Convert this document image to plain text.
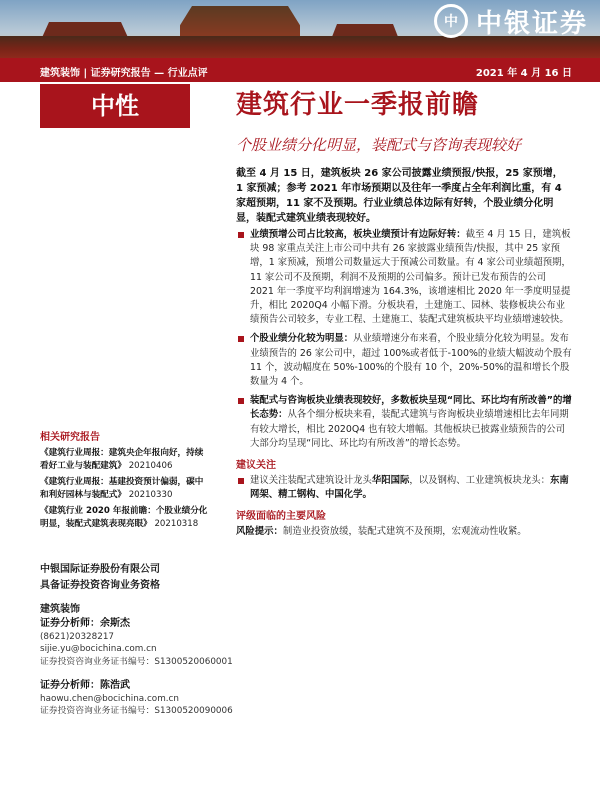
中 中银证券
建筑装饰 | 证券研究报告 — 行业点评	2021 年 4 月 16 日
中性	建筑行业一季报前瞻
个股业绩分化明显，装配式与咨询表现较好
截至 4 月 15 日，建筑板块 26 家公司披露业绩预报/快报，25 家预增，1 家预减；参考 2021 年市场预期以及往年一季度占全年利润比重，有 4 家超预期，11 家不及预期。行业业绩总体边际有好转，个股业绩分化明显，装配式建筑业绩表现较好。
业绩预增公司占比较高，板块业绩预计有边际好转：截至 4 月 15 日，建筑板块 98 家重点关注上市公司中共有 26 家披露业绩预告/快报，其中 25 家预增，1 家预减，预增公司数量远大于预减公司数量。有 4 家公司业绩超预期，11 家公司不及预期，利润不及预期的公司偏多。预计已发布预告的公司 2021 年一季度平均利润增速为 164.3%，该增速相比 2020 年一季度明显提升，相比 2020Q4 小幅下滑。分板块看，土建施工、园林、装修板块公布业绩预告公司较多，专业工程、土建施工、装配式建筑板块平均业绩增速较快。
个股业绩分化较为明显：从业绩增速分布来看，个股业绩分化较为明显。发布业绩预告的 26 家公司中，超过 100%或者低于-100%的业绩大幅波动个股有 11 个，波动幅度在 50%-100%的个股有 10 个，20%-50%的温和增长个股数量为 4 个。
装配式与咨询板块业绩表现较好，多数板块呈现“同比、环比均有所改善”的增长态势：从各个细分板块来看，装配式建筑与咨询板块业绩增速相比去年同期有较大增长，相比 2020Q4 也有较大增幅。其他板块已披露业绩预告的公司大部分均呈现“同比、环比均有所改善”的增长态势。
建议关注
建议关注装配式建筑设计龙头华阳国际，以及钢构、工业建筑板块龙头：东南网架、精工钢构、中国化学。
评级面临的主要风险
风险提示：制造业投资放缓，装配式建筑不及预期，宏观流动性收紧。
相关研究报告
《建筑行业周报：建筑央企年报向好，持续看好工业与装配建筑》 20210406
《建筑行业周报：基建投资预计偏弱，碳中和利好园林与装配式》 20210330
《建筑行业 2020 年报前瞻：个股业绩分化明显，装配式建筑表现亮眼》 20210318
中银国际证券股份有限公司
具备证券投资咨询业务资格
建筑装饰
证券分析师：余斯杰
(8621)20328217
sijie.yu@bocichina.com.cn
证券投资咨询业务证书编号：S1300520060001
证券分析师：陈浩武
haowu.chen@bocichina.com.cn
证券投资咨询业务证书编号：S1300520090006
